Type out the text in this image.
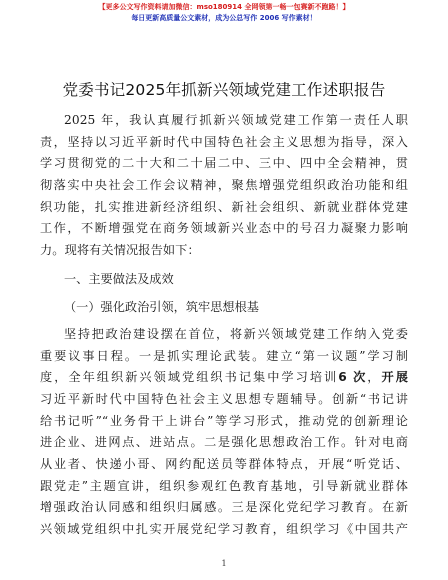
【更多公文写作资料请加微信：mso180914 全网领第一畅一包赛新不跑路！】
每日更新高质量公文素材，成为公总写作 2006 写作素材！
党委书记2025年抓新兴领域党建工作述职报告
2025 年，我认真履行抓新兴领域党建工作第一责任人职
责，坚持以习近平新时代中国特色社会主义思想为指导，深入
学习贯彻党的二十大和二十届二中、三中、四中全会精神，贯
彻落实中央社会工作会议精神，聚焦增强党组织政治功能和组
织功能，扎实推进新经济组织、新社会组织、新就业群体党建
工作，不断增强党在商务领域新兴业态中的号召力凝聚力影响
力。现将有关情况报告如下：
一、主要做法及成效
（一）强化政治引领，筑牢思想根基
坚持把政治建设摆在首位，将新兴领域党建工作纳入党委
重要议事日程。一是抓实理论武装。建立“第一议题”学习制
度，全年组织新兴领域党组织书记集中学习培训6 次，开展
习近平新时代中国特色社会主义思想专题辅导。创新“书记讲
给书记听”“业务骨干上讲台”等学习形式，推动党的创新理论
进企业、进网点、进站点。二是强化思想政治工作。针对电商
从业者、快递小哥、网约配送员等群体特点，开展“听党话、
跟党走”主题宣讲，组织参观红色教育基地，引导新就业群体
增强政治认同感和组织归属感。三是深化党纪学习教育。在新
兴领域党组织中扎实开展党纪学习教育，组织学习《中国共产
1
